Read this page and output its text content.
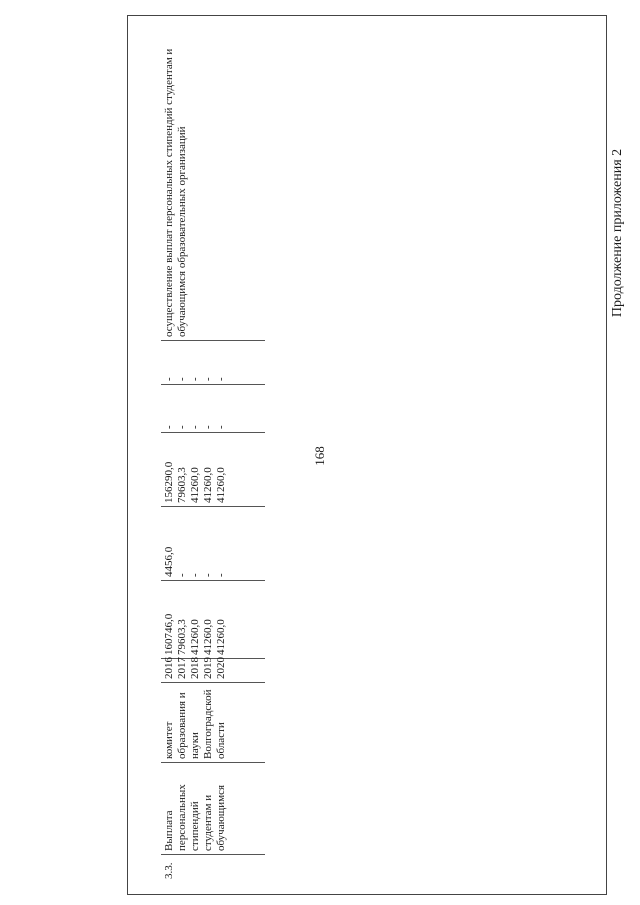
168
Продолжение приложения 2
3.3.
Выплата персональных стипендий студентам и обучающимся
комитет образования и науки Волгоградской области
2016 2017 2018 2019 2020
160746,0 79603,3 41260,0 41260,0 41260,0
4456,0 - - - -
156290,0 79603,3 41260,0 41260,0 41260,0
- - - - -
- - - - -
осуществление выплат персональных стипендий студентам и обучающимся образовательных организаций
